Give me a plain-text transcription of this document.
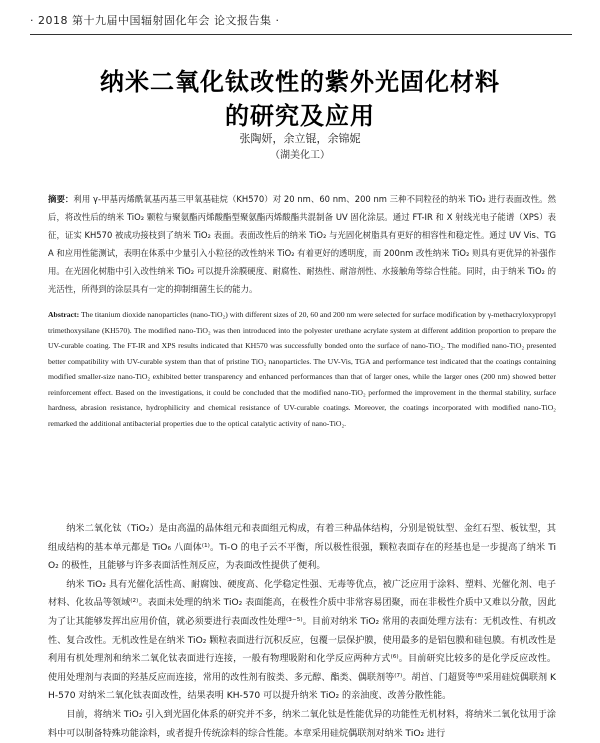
· 2018 第十九届中国辐射固化年会 论文报告集 ·
纳米二氧化钛改性的紫外光固化材料
的研究及应用
张陶妍，余立锟，余锦妮
（湖美化工）
摘要：利用 γ-甲基丙烯酰氧基丙基三甲氧基硅烷（KH570）对 20 nm、60 nm、200 nm 三种不同粒径的纳米 TiO₂ 进行表面改性。然后，将改性后的纳米 TiO₂ 颗粒与聚氨酯丙烯酸酯型聚氨酯丙烯酸酯共混制备 UV 固化涂层。通过 FT-IR 和 X 射线光电子能谱（XPS）表征，证实 KH570 被成功接枝到了纳米 TiO₂ 表面。表面改性后的纳米 TiO₂ 与光固化树脂具有更好的相容性和稳定性。通过 UV Vis、TGA 和应用性能测试，表明在体系中少量引入小粒径的改性纳米 TiO₂ 有着更好的透明度，而 200nm 改性纳米 TiO₂ 则具有更优异的补强作用。在光固化树脂中引入改性纳米 TiO₂ 可以提升涂膜硬度、耐腐性、耐热性、耐溶剂性、水接触角等综合性能。同时，由于纳米 TiO₂ 的光活性，所得到的涂层具有一定的抑制细菌生长的能力。
Abstract: The titanium dioxide nanoparticles (nano-TiO₂) with different sizes of 20, 60 and 200 nm were selected for surface modification by γ-methacryloxypropyl trimethoxysilane (KH570). The modified nano-TiO₂ was then introduced into the polyester urethane acrylate system at different addition proportion to prepare the UV-curable coating. The FT-IR and XPS results indicated that KH570 was successfully bonded onto the surface of nano-TiO₂. The modified nano-TiO₂ presented better compatibility with UV-curable system than that of pristine TiO₂ nanoparticles. The UV-Vis, TGA and performance test indicated that the coatings containing modified smaller-size nano-TiO₂ exhibited better transparency and enhanced performances than that of larger ones, while the larger ones (200 nm) showed better reinforcement effect. Based on the investigations, it could be concluded that the modified nano-TiO₂ performed the improvement in the thermal stability, surface hardness, abrasion resistance, hydrophilicity and chemical resistance of UV-curable coatings. Moreover, the coatings incorporated with modified nano-TiO₂ remarked the additional antibacterial properties due to the optical catalytic activity of nano-TiO₂.

纳米二氧化钛（TiO₂）是由高温的晶体组元和表面组元构成，有着三种晶体结构，分别是锐钛型、金红石型、板钛型，其组成结构的基本单元都是 TiO₆ 八面体⁽¹⁾。Ti-O 的电子云不平衡，所以极性很强，颗粒表面存在的羟基也是一步提高了纳米 TiO₂ 的极性，且能够与许多表面活性剂反应，为表面改性提供了便利。

纳米 TiO₂ 具有光催化活性高、耐腐蚀、硬度高、化学稳定性强、无毒等优点，被广泛应用于涂料、塑料、光催化剂、电子材料、化妆品等领域⁽²⁾。表面未处理的纳米 TiO₂ 表面能高，在极性介质中非常容易团聚，而在非极性介质中又难以分散，因此为了让其能够发挥出应用价值，就必须要进行表面改性处理⁽³⁻⁵⁾。目前对纳米 TiO₂ 常用的表面处理方法有：无机改性、有机改性、复合改性。无机改性是在纳米 TiO₂ 颗粒表面进行沉积反应，包覆一层保护膜，使用最多的是铝包膜和硅包膜。有机改性是利用有机处理剂和纳米二氧化钛表面进行连接，一般有物理吸附和化学反应两种方式⁽⁶⁾。目前研究比较多的是化学反应改性。使用处理剂与表面的羟基反应而连接，常用的改性剂有胺类、多元醇、酯类、偶联剂等⁽⁷⁾。胡首、门超贤等⁽⁸⁾采用硅烷偶联剂 KH-570 对纳米二氧化钛表面改性，结果表明 KH-570 可以提升纳米 TiO₂ 的亲油度、改善分散性能。

目前，将纳米 TiO₂ 引入到光固化体系的研究并不多，纳米二氧化钛是性能优异的功能性无机材料，将纳米二氧化钛用于涂料中可以制备特殊功能涂料，或者提升传统涂料的综合性能。本章采用硅烷偶联剂对纳米 TiO₂ 进行
